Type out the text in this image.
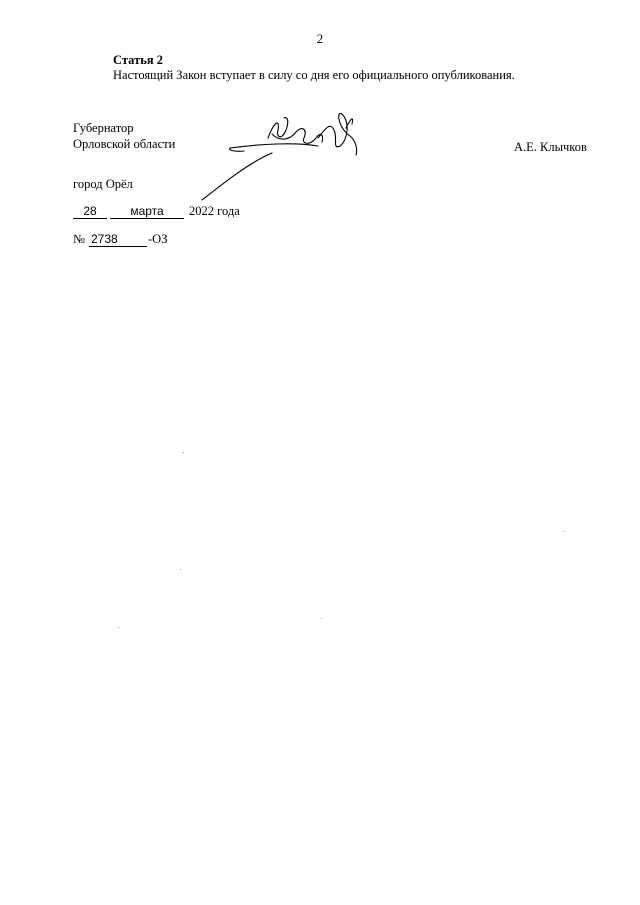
2
Статья 2
Настоящий Закон вступает в силу со дня его официального опубликования.
Губернатор
Орловской области	А.Е. Клычков
город Орёл
28	марта	2022 года
№ 2738	-ОЗ
